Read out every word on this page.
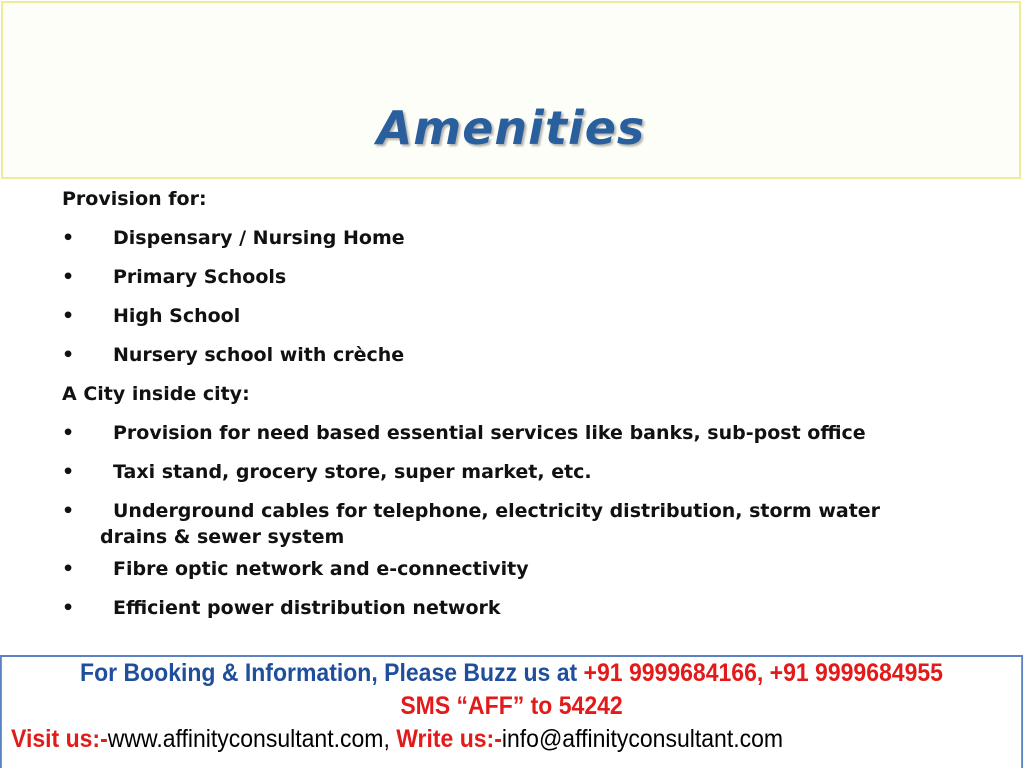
Amenities
Provision for:
•	Dispensary / Nursing Home
•	Primary Schools
•	High School
•	Nursery school with crèche
A City inside city:
•	Provision for need based essential services like banks, sub-post office
•	Taxi stand, grocery store, super market, etc.
•	Underground cables for telephone, electricity distribution, storm water
drains & sewer system
•	Fibre optic network and e-connectivity
•	Efficient power distribution network
For Booking & Information, Please Buzz us at +91 9999684166, +91 9999684955
SMS “AFF” to 54242
Visit us:-www.affinityconsultant.com, Write us:-info@affinityconsultant.com
